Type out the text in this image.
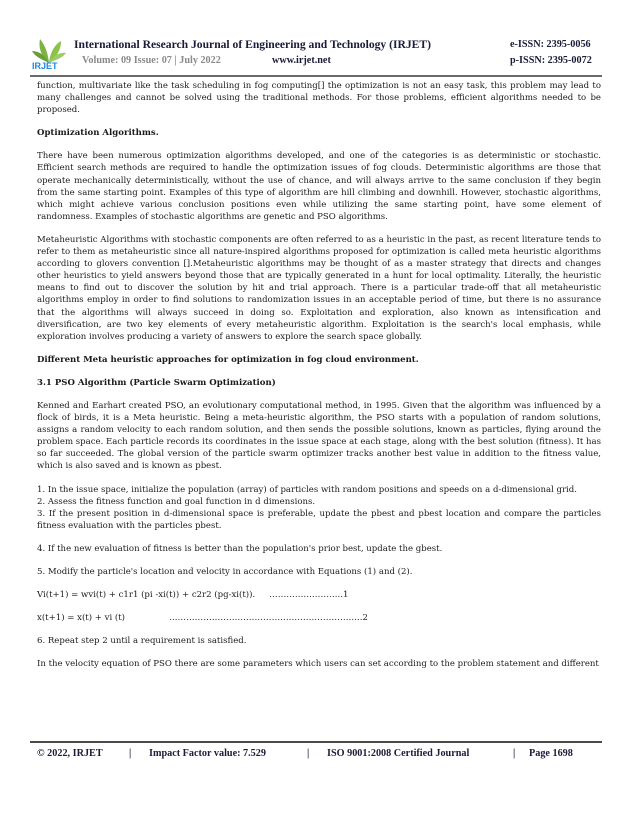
IRJET
International Research Journal of Engineering and Technology (IRJET)	e-ISSN: 2395-0056
Volume: 09 Issue: 07 | July 2022	www.irjet.net	p-ISSN: 2395-0072

function, multivariate like the task scheduling in fog computing[] the optimization is not an easy task, this problem may lead to many challenges and cannot be solved using the traditional methods. For those problems, efficient algorithms needed to be proposed.

Optimization Algorithms.

There have been numerous optimization algorithms developed, and one of the categories is as deterministic or stochastic. Efficient search methods are required to handle the optimization issues of fog clouds. Deterministic algorithms are those that operate mechanically deterministically, without the use of chance, and will always arrive to the same conclusion if they begin from the same starting point. Examples of this type of algorithm are hill climbing and downhill. However, stochastic algorithms, which might achieve various conclusion positions even while utilizing the same starting point, have some element of randomness. Examples of stochastic algorithms are genetic and PSO algorithms.

Metaheuristic Algorithms with stochastic components are often referred to as a heuristic in the past, as recent literature tends to refer to them as metaheuristic since all nature-inspired algorithms proposed for optimization is called meta heuristic algorithms according to glovers convention [].Metaheuristic algorithms may be thought of as a master strategy that directs and changes other heuristics to yield answers beyond those that are typically generated in a hunt for local optimality. Literally, the heuristic means to find out to discover the solution by hit and trial approach. There is a particular trade-off that all metaheuristic algorithms employ in order to find solutions to randomization issues in an acceptable period of time, but there is no assurance that the algorithms will always succeed in doing so. Exploitation and exploration, also known as intensification and diversification, are two key elements of every metaheuristic algorithm. Exploitation is the search's local emphasis, while exploration involves producing a variety of answers to explore the search space globally.

Different Meta heuristic approaches for optimization in fog cloud environment.
3.1 PSO Algorithm (Particle Swarm Optimization)

Kenned and Earhart created PSO, an evolutionary computational method, in 1995. Given that the algorithm was influenced by a flock of birds, it is a Meta heuristic. Being a meta-heuristic algorithm, the PSO starts with a population of random solutions, assigns a random velocity to each random solution, and then sends the possible solutions, known as particles, flying around the problem space. Each particle records its coordinates in the issue space at each stage, along with the best solution (fitness). It has so far succeeded. The global version of the particle swarm optimizer tracks another best value in addition to the fitness value, which is also saved and is known as pbest.

1. In the issue space, initialize the population (array) of particles with random positions and speeds on a d-dimensional grid.

2. Assess the fitness function and goal function in d dimensions.

3. If the present position in d-dimensional space is preferable, update the pbest and pbest location and compare the particles fitness evaluation with the particles pbest.

4. If the new evaluation of fitness is better than the population's prior best, update the gbest.

5. Modify the particle's location and velocity in accordance with Equations (1) and (2).

Vi(t+1) = wvi(t) + c1r1 (pi -xi(t)) + c2r2 (pg-xi(t)). ……………………..1

x(t+1) = x(t) + vi (t)	…………………………………………………………..2

6. Repeat step 2 until a requirement is satisfied.

In the velocity equation of PSO there are some parameters which users can set according to the problem statement and different

© 2022, IRJET	| Impact Factor value: 7.529	| ISO 9001:2008 Certified Journal	| Page 1698
